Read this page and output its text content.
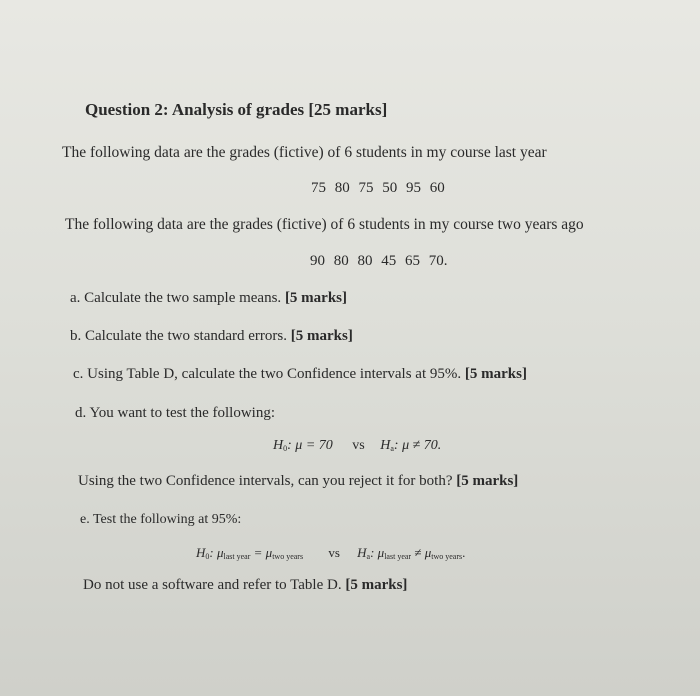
Question 2: Analysis of grades [25 marks]
The following data are the grades (fictive) of 6 students in my course last year
75 80 75 50 95 60
The following data are the grades (fictive) of 6 students in my course two years ago
90 80 80 45 65 70.
a. Calculate the two sample means. [5 marks]
b. Calculate the two standard errors. [5 marks]
c. Using Table D, calculate the two Confidence intervals at 95%. [5 marks]
d. You want to test the following:
$H_0$: μ = 70 vs $H_a$: μ ≠ 70.
Using the two Confidence intervals, can you reject it for both? [5 marks]
e. Test the following at 95%:
$H_0$: $\mu_{last year} = \mu_{two years}$ vs $H_a$: $\mu_{last year} \ne \mu_{two years}$.
Do not use a software and refer to Table D. [5 marks]
